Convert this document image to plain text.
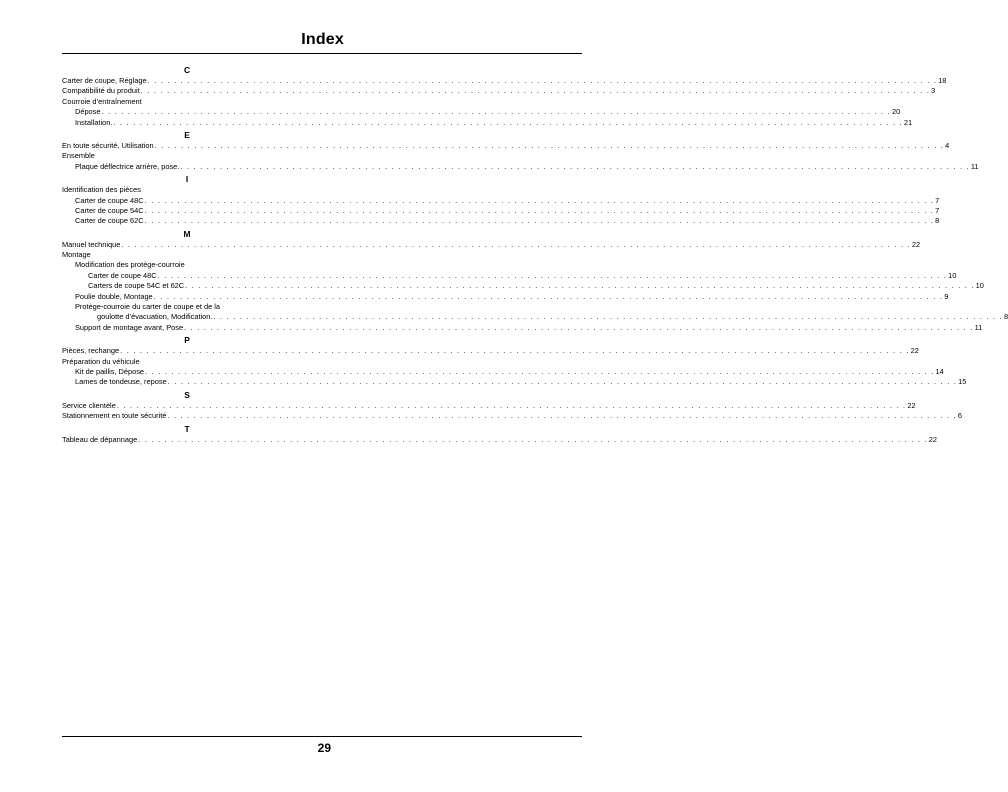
Index
C
Carter de coupe, Réglage . . . . . . . . . . . . . . . . . . . . . . . . . . . . . . . . . . . . . . . . . . . . . . . . . . . . . . . . . . . . . . . . . . . . . . . . . . . . . . . . . . . . . . . . . . . . . . . . . . . . . . . . . . . . . . . . . . . . . . . . 18
Compatibilité du produit . . . . . . . . . . . . . . . . . . . . . . . . . . . . . . . . . . . . . . . . . . . . . . . . . . . . . . . . . . . . . . . . . . . . . . . . . . . . . . . . . . . . . . . . . . . . . . . . . . . . . . . . . . . . . . . . . . . . . . . . 3
Courroie d’entraînement
Dépose . . . . . . . . . . . . . . . . . . . . . . . . . . . . . . . . . . . . . . . . . . . . . . . . . . . . . . . . . . . . . . . . . . . . . . . . . . . . . . . . . . . . . . . . . . . . . . . . . . . . . . . . . . . . . . . . . . . . . . . . 20
Installation. . . . . . . . . . . . . . . . . . . . . . . . . . . . . . . . . . . . . . . . . . . . . . . . . . . . . . . . . . . . . . . . . . . . . . . . . . . . . . . . . . . . . . . . . . . . . . . . . . . . . . . . . . . . . . . . . . . . . . . . . 21
E
En toute sécurité, Utilisation . . . . . . . . . . . . . . . . . . . . . . . . . . . . . . . . . . . . . . . . . . . . . . . . . . . . . . . . . . . . . . . . . . . . . . . . . . . . . . . . . . . . . . . . . . . . . . . . . . . . . . . . . . . . . . . . . . . . . . . . 4
Ensemble
Plaque déflectrice arrière, pose. . . . . . . . . . . . . . . . . . . . . . . . . . . . . . . . . . . . . . . . . . . . . . . . . . . . . . . . . . . . . . . . . . . . . . . . . . . . . . . . . . . . . . . . . . . . . . . . . . . . . . . . . . . . . . . . . . . . . . . . . 11
I
Identification des pièces
Carter de coupe 48C . . . . . . . . . . . . . . . . . . . . . . . . . . . . . . . . . . . . . . . . . . . . . . . . . . . . . . . . . . . . . . . . . . . . . . . . . . . . . . . . . . . . . . . . . . . . . . . . . . . . . . . . . . . . . . . . . . . . . . . . 7
Carter de coupe 54C . . . . . . . . . . . . . . . . . . . . . . . . . . . . . . . . . . . . . . . . . . . . . . . . . . . . . . . . . . . . . . . . . . . . . . . . . . . . . . . . . . . . . . . . . . . . . . . . . . . . . . . . . . . . . . . . . . . . . . . . 7
Carter de coupe 62C . . . . . . . . . . . . . . . . . . . . . . . . . . . . . . . . . . . . . . . . . . . . . . . . . . . . . . . . . . . . . . . . . . . . . . . . . . . . . . . . . . . . . . . . . . . . . . . . . . . . . . . . . . . . . . . . . . . . . . . . 8
M
Manuel technique . . . . . . . . . . . . . . . . . . . . . . . . . . . . . . . . . . . . . . . . . . . . . . . . . . . . . . . . . . . . . . . . . . . . . . . . . . . . . . . . . . . . . . . . . . . . . . . . . . . . . . . . . . . . . . . . . . . . . . . . 22
Montage
Modification des protège-courroie
Carter de coupe 48C . . . . . . . . . . . . . . . . . . . . . . . . . . . . . . . . . . . . . . . . . . . . . . . . . . . . . . . . . . . . . . . . . . . . . . . . . . . . . . . . . . . . . . . . . . . . . . . . . . . . . . . . . . . . . . . . . . . . . . . . 10
Carters de coupe 54C et 62C . . . . . . . . . . . . . . . . . . . . . . . . . . . . . . . . . . . . . . . . . . . . . . . . . . . . . . . . . . . . . . . . . . . . . . . . . . . . . . . . . . . . . . . . . . . . . . . . . . . . . . . . . . . . . . . . . . . . . . . . 10
Poulie double, Montage . . . . . . . . . . . . . . . . . . . . . . . . . . . . . . . . . . . . . . . . . . . . . . . . . . . . . . . . . . . . . . . . . . . . . . . . . . . . . . . . . . . . . . . . . . . . . . . . . . . . . . . . . . . . . . . . . . . . . . . . 9
Protège-courroie du carter de coupe et de la
goulotte d’évacuation, Modification. . . . . . . . . . . . . . . . . . . . . . . . . . . . . . . . . . . . . . . . . . . . . . . . . . . . . . . . . . . . . . . . . . . . . . . . . . . . . . . . . . . . . . . . . . . . . . . . . . . . . . . . . . . . . . . . . . . . . . . . . 8
Support de montage avant, Pose . . . . . . . . . . . . . . . . . . . . . . . . . . . . . . . . . . . . . . . . . . . . . . . . . . . . . . . . . . . . . . . . . . . . . . . . . . . . . . . . . . . . . . . . . . . . . . . . . . . . . . . . . . . . . . . . . . . . . . . . 11
P
Pièces, rechange . . . . . . . . . . . . . . . . . . . . . . . . . . . . . . . . . . . . . . . . . . . . . . . . . . . . . . . . . . . . . . . . . . . . . . . . . . . . . . . . . . . . . . . . . . . . . . . . . . . . . . . . . . . . . . . . . . . . . . . . 22
Préparation du véhicule
Kit de paillis, Dépose . . . . . . . . . . . . . . . . . . . . . . . . . . . . . . . . . . . . . . . . . . . . . . . . . . . . . . . . . . . . . . . . . . . . . . . . . . . . . . . . . . . . . . . . . . . . . . . . . . . . . . . . . . . . . . . . . . . . . . . . 14
Lames de tondeuse, repose . . . . . . . . . . . . . . . . . . . . . . . . . . . . . . . . . . . . . . . . . . . . . . . . . . . . . . . . . . . . . . . . . . . . . . . . . . . . . . . . . . . . . . . . . . . . . . . . . . . . . . . . . . . . . . . . . . . . . . . . 15
S
Service clientèle . . . . . . . . . . . . . . . . . . . . . . . . . . . . . . . . . . . . . . . . . . . . . . . . . . . . . . . . . . . . . . . . . . . . . . . . . . . . . . . . . . . . . . . . . . . . . . . . . . . . . . . . . . . . . . . . . . . . . . . . 22
Stationnement en toute sécurité . . . . . . . . . . . . . . . . . . . . . . . . . . . . . . . . . . . . . . . . . . . . . . . . . . . . . . . . . . . . . . . . . . . . . . . . . . . . . . . . . . . . . . . . . . . . . . . . . . . . . . . . . . . . . . . . . . . . . . . . 6
T
Tableau de dépannage . . . . . . . . . . . . . . . . . . . . . . . . . . . . . . . . . . . . . . . . . . . . . . . . . . . . . . . . . . . . . . . . . . . . . . . . . . . . . . . . . . . . . . . . . . . . . . . . . . . . . . . . . . . . . . . . . . . . . . . . 22
29
